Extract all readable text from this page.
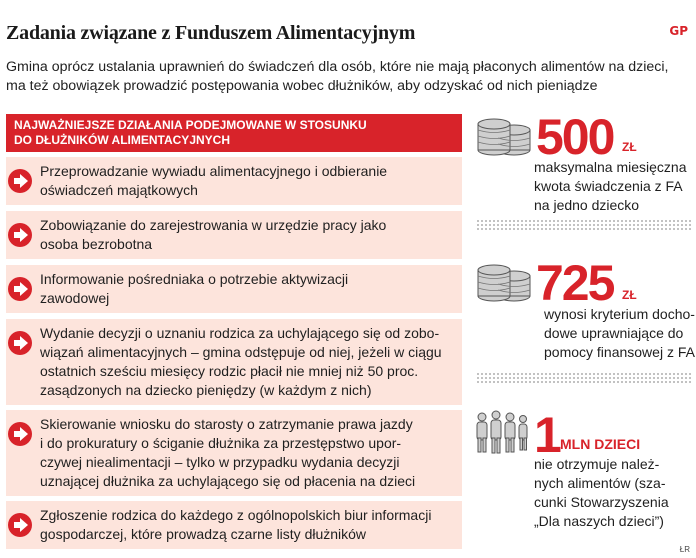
Zadania związane z Funduszem Alimentacyjnym	GP
Gmina oprócz ustalania uprawnień do świadczeń dla osób, które nie mają płaconych alimentów na dzieci,
ma też obowiązek prowadzić postępowania wobec dłużników, aby odzyskać od nich pieniądze
NAJWAŻNIEJSZE DZIAŁANIA PODEJMOWANE W STOSUNKU
DO DŁUŻNIKÓW ALIMENTACYJNYCH
Przeprowadzanie wywiadu alimentacyjnego i odbieranie
oświadczeń majątkowych
Zobowiązanie do zarejestrowania w urzędzie pracy jako
osoba bezrobotna
Informowanie pośredniaka o potrzebie aktywizacji
zawodowej
Wydanie decyzji o uznaniu rodzica za uchylającego się od zobo-
wiązań alimentacyjnych – gmina odstępuje od niej, jeżeli w ciągu
ostatnich sześciu miesięcy rodzic płacił nie mniej niż 50 proc.
zasądzonych na dziecko pieniędzy (w każdym z nich)
Skierowanie wniosku do starosty o zatrzymanie prawa jazdy
i do prokuratury o ściganie dłużnika za przestępstwo upor-
czywej niealimentacji – tylko w przypadku wydania decyzji
uznającej dłużnika za uchylającego się od płacenia na dzieci
Zgłoszenie rodzica do każdego z ogólnopolskich biur informacji
gospodarczej, które prowadzą czarne listy dłużników
500 ZŁ
maksymalna miesięczna
kwota świadczenia z FA
na jedno dziecko
725 ZŁ
wynosi kryterium docho-
dowe uprawniające do
pomocy finansowej z FA
1 MLN DZIECI
nie otrzymuje należ-
nych alimentów (sza-
cunki Stowarzyszenia
„Dla naszych dzieci”)
ŁR
